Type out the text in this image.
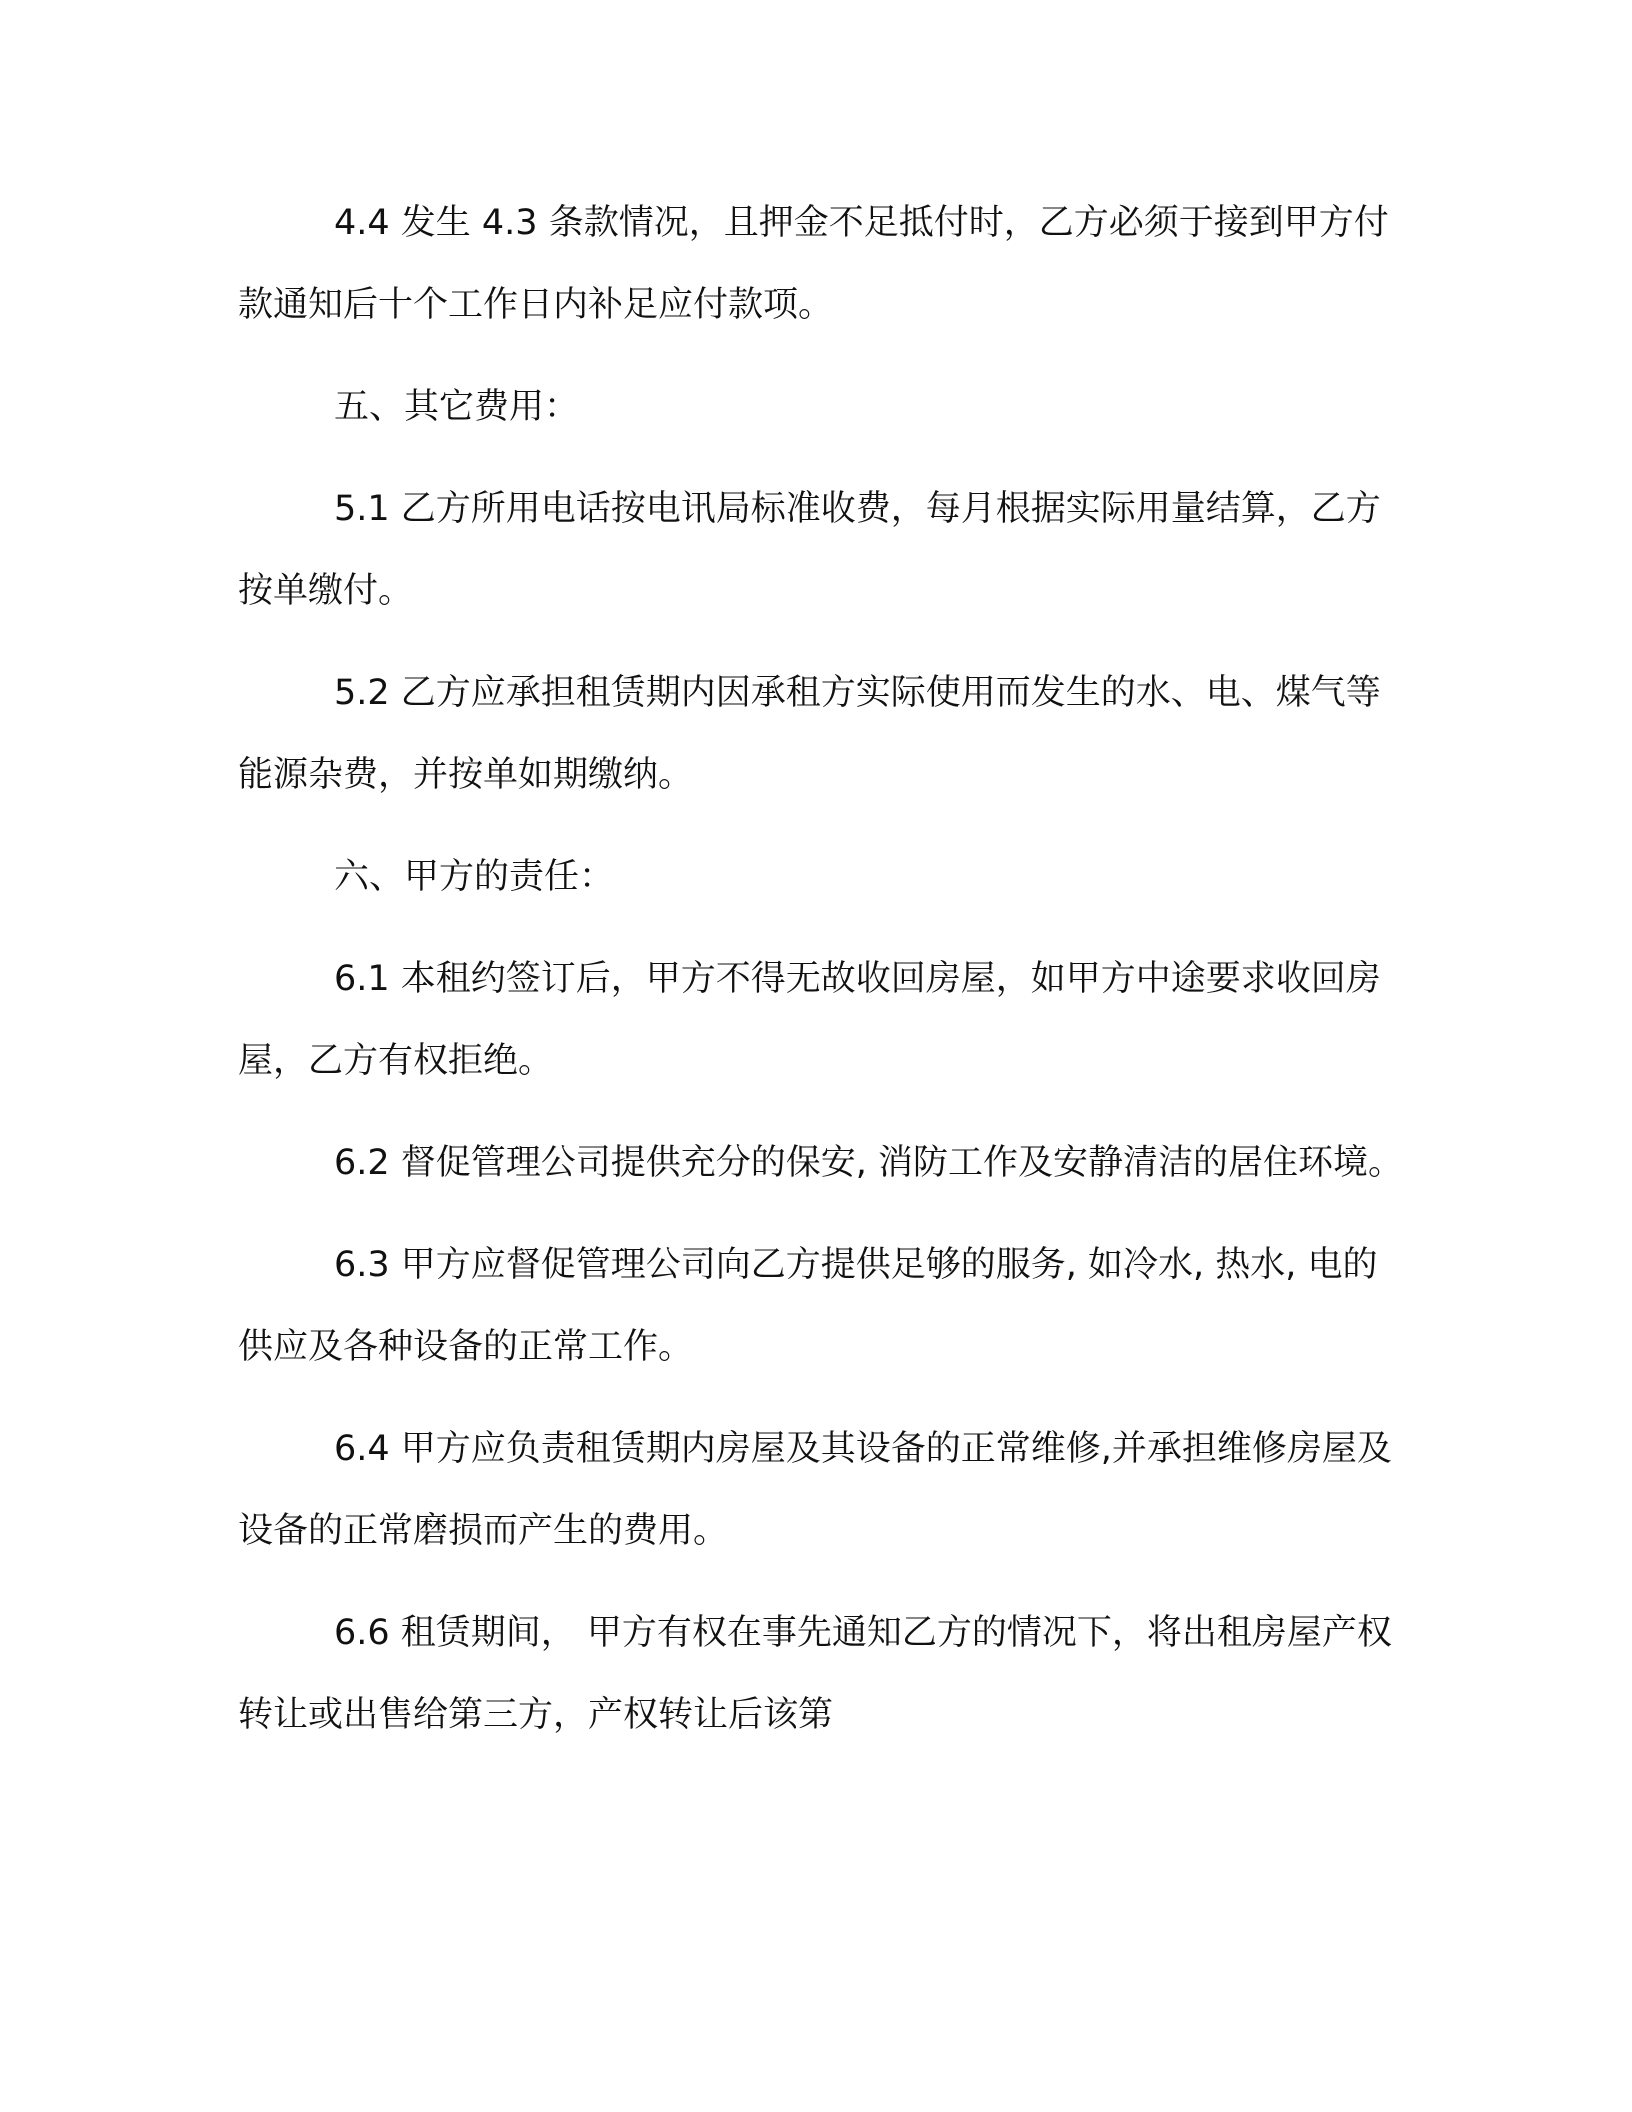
4.4 发生 4.3 条款情况，且押金不足抵付时，乙方必须于接到甲方付款通知后十个工作日内补足应付款项。

五、其它费用：

5.1 乙方所用电话按电讯局标准收费，每月根据实际用量结算，乙方按单缴付。

5.2 乙方应承担租赁期内因承租方实际使用而发生的水、电、煤气等能源杂费，并按单如期缴纳。

六、甲方的责任：

6.1 本租约签订后，甲方不得无故收回房屋，如甲方中途要求收回房屋，乙方有权拒绝。

6.2 督促管理公司提供充分的保安, 消防工作及安静清洁的居住环境。

6.3 甲方应督促管理公司向乙方提供足够的服务, 如冷水, 热水, 电的供应及各种设备的正常工作。

6.4 甲方应负责租赁期内房屋及其设备的正常维修,并承担维修房屋及设备的正常磨损而产生的费用。

6.6 租赁期间， 甲方有权在事先通知乙方的情况下，将出租房屋产权转让或出售给第三方，产权转让后该第
